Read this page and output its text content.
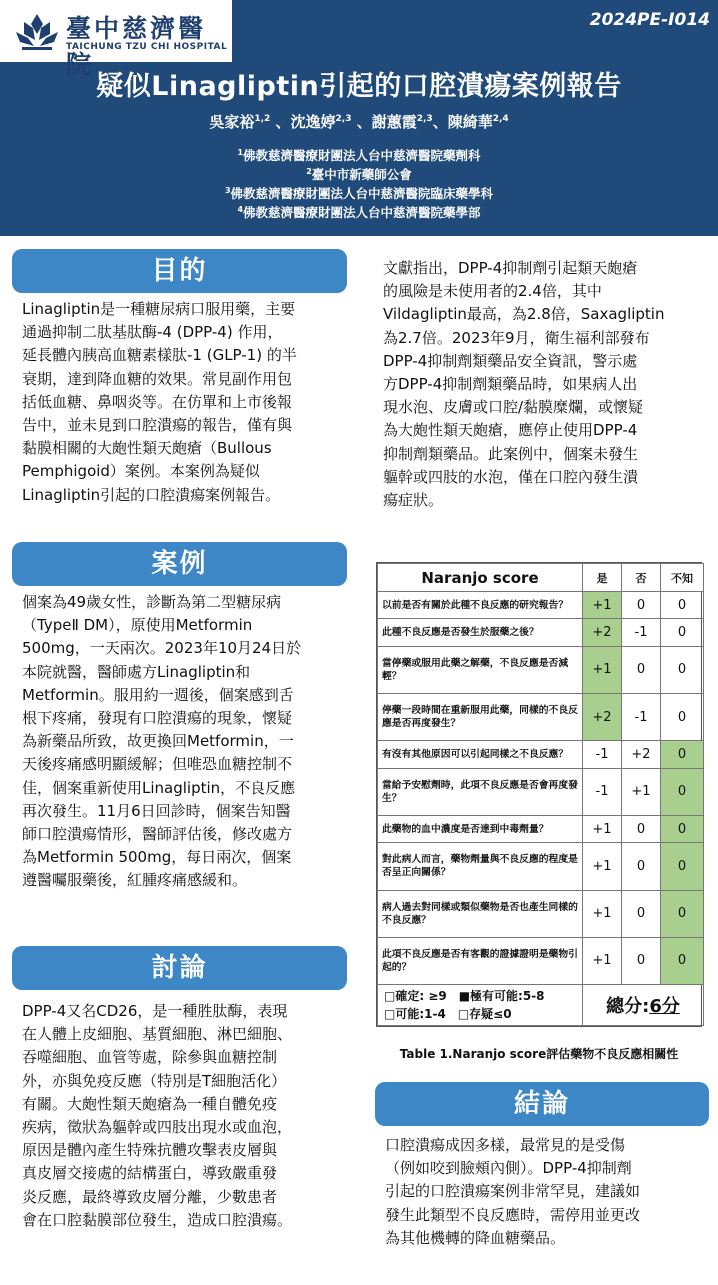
臺中慈濟醫院
TAICHUNG TZU CHI HOSPITAL
2024PE-I014
疑似Linagliptin引起的口腔潰瘍案例報告
吳家裕$^{1,2}$ 、沈逸婷$^{2,3}$ 、謝蕙霞$^{2,3}$、陳綺華$^{2,4}$
$^1$佛教慈濟醫療財團法人台中慈濟醫院藥劑科
$^2$臺中市新藥師公會
$^3$佛教慈濟醫療財團法人台中慈濟醫院臨床藥學科
$^4$佛教慈濟醫療財團法人台中慈濟醫院藥學部
目的
Linagliptin是一種糖尿病口服用藥，主要
通過抑制二肽基肽酶-4 (DPP-4) 作用，
延長體內胰高血糖素樣肽-1 (GLP-1) 的半
衰期，達到降血糖的效果。常見副作用包
括低血糖、鼻咽炎等。在仿單和上市後報
告中，並未見到口腔潰瘍的報告，僅有與
黏膜相關的大皰性類天皰瘡（Bullous
Pemphigoid）案例。本案例為疑似
Linagliptin引起的口腔潰瘍案例報告。
案例
個案為49歲女性，診斷為第二型糖尿病
（TypeⅡ DM），原使用Metformin
500mg，一天兩次。2023年10月24日於
本院就醫，醫師處方Linagliptin和
Metformin。服用約一週後，個案感到舌
根下疼痛，發現有口腔潰瘍的現象，懷疑
為新藥品所致，故更換回Metformin，一
天後疼痛感明顯緩解；但唯恐血糖控制不
佳，個案重新使用Linagliptin，不良反應
再次發生。11月6日回診時，個案告知醫
師口腔潰瘍情形，醫師評估後，修改處方
為Metformin 500mg，每日兩次，個案
遵醫囑服藥後，紅腫疼痛感緩和。
討論
DPP-4又名CD26，是一種胜肽酶，表現
在人體上皮細胞、基質細胞、淋巴細胞、
吞噬細胞、血管等處，除參與血糖控制
外，亦與免疫反應（特別是T細胞活化）
有關。大皰性類天皰瘡為一種自體免疫
疾病，徵狀為軀幹或四肢出現水或血泡，
原因是體內產生特殊抗體攻擊表皮層與
真皮層交接處的結構蛋白，導致嚴重發
炎反應，最終導致皮層分離，少數患者
會在口腔黏膜部位發生，造成口腔潰瘍。
文獻指出，DPP-4抑制劑引起類天皰瘡
的風險是未使用者的2.4倍，其中
Vildagliptin最高，為2.8倍，Saxagliptin
為2.7倍。2023年9月，衛生福利部發布
DPP-4抑制劑類藥品安全資訊，警示處
方DPP-4抑制劑類藥品時，如果病人出
現水泡、皮膚或口腔/黏膜糜爛，或懷疑
為大皰性類天皰瘡，應停止使用DPP-4
抑制劑類藥品。此案例中，個案未發生
軀幹或四肢的水泡，僅在口腔內發生潰
瘍症狀。
Naranjo score	是	否	不知
以前是否有關於此種不良反應的研究報告？	+1	0	0
此種不良反應是否發生於服藥之後？	+2	-1	0
當停藥或服用此藥之解藥，不良反應是否減輕？	+1	0	0
停藥一段時間在重新服用此藥，同樣的不良反應是否再度發生？	+2	-1	0
有沒有其他原因可以引起同樣之不良反應？	-1	+2	0
當給予安慰劑時，此項不良反應是否會再度發生？	-1	+1	0
此藥物的血中濃度是否達到中毒劑量？	+1	0	0
對此病人而言，藥物劑量與不良反應的程度是否呈正向關係？	+1	0	0
病人過去對同樣或類似藥物是否也產生同樣的不良反應？	+1	0	0
此項不良反應是否有客觀的證據證明是藥物引起的？	+1	0	0

□確定: ≥9　■極有可能:5-8
□可能:1-4　□存疑≤0	總分:6分		
Table 1.Naranjo score評估藥物不良反應相關性
結論
口腔潰瘍成因多樣，最常見的是受傷
（例如咬到臉頰內側）。DPP-4抑制劑
引起的口腔潰瘍案例非常罕見，建議如
發生此類型不良反應時，需停用並更改
為其他機轉的降血糖藥品。
